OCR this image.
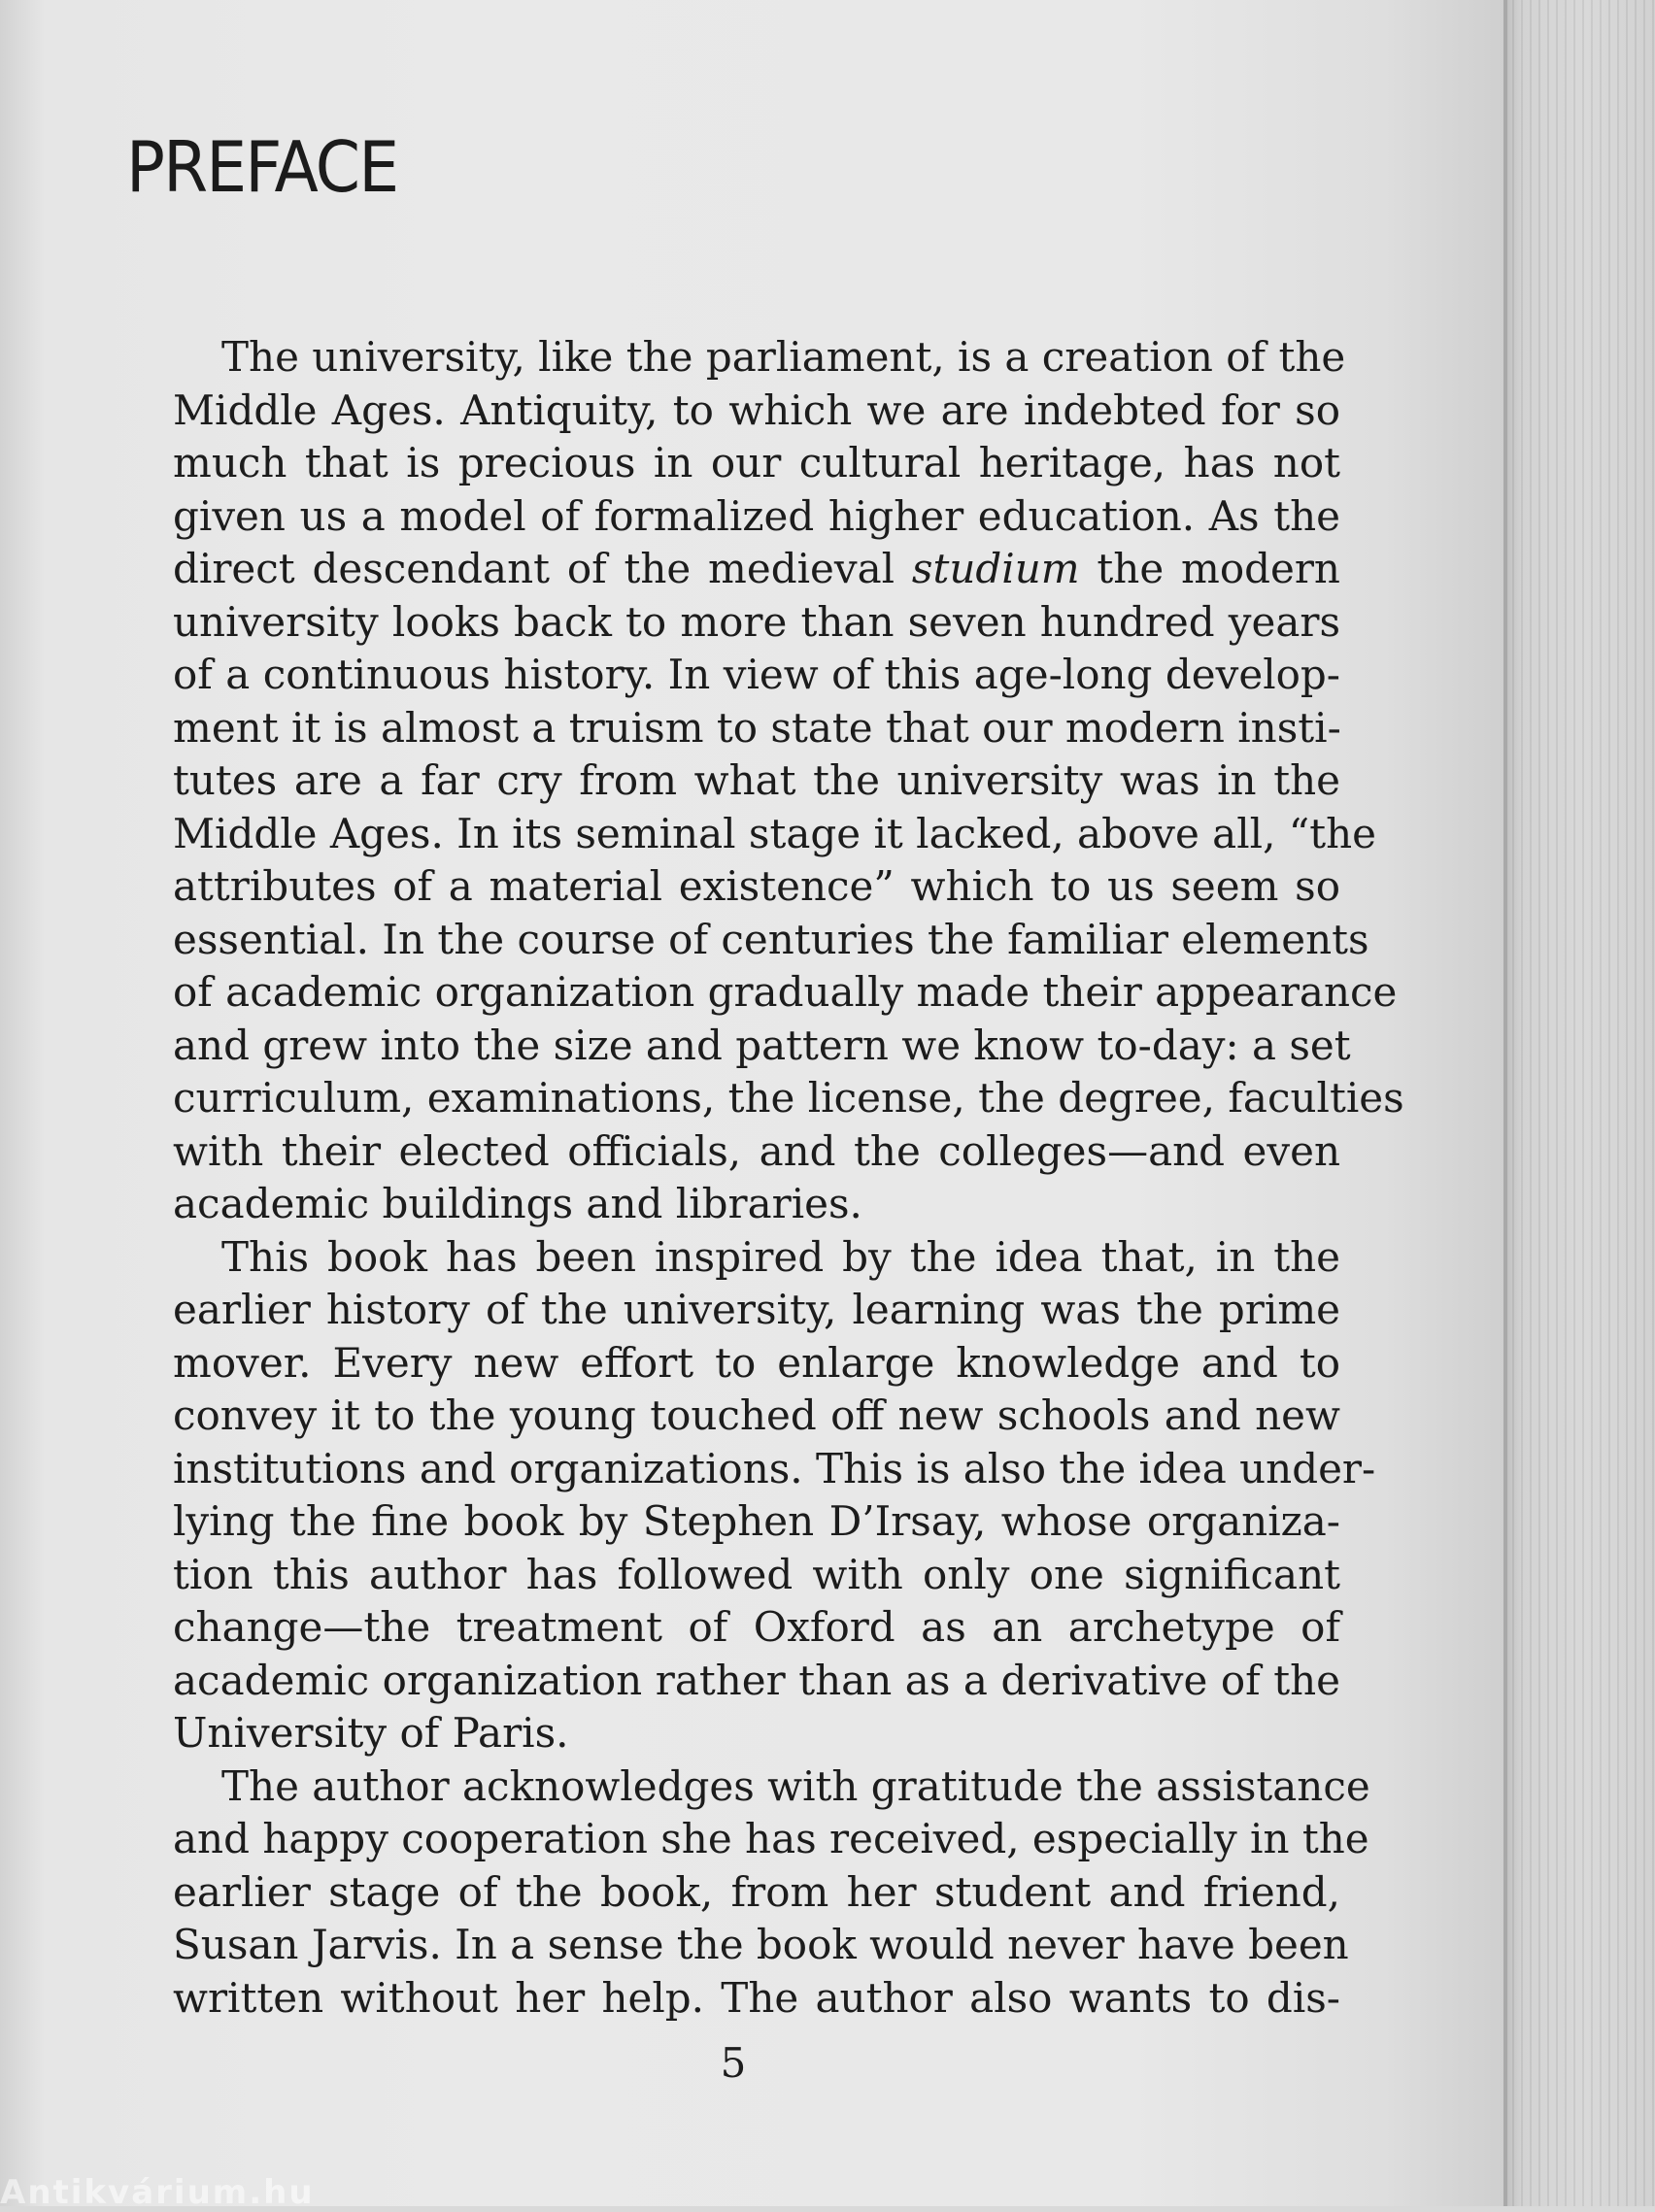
PREFACE

The university, like the parliament, is a creation of the
Middle Ages. Antiquity, to which we are indebted for so
much that is precious in our cultural heritage, has not
given us a model of formalized higher education. As the
direct descendant of the medieval studium the modern
university looks back to more than seven hundred years
of a continuous history. In view of this age-long develop-
ment it is almost a truism to state that our modern insti-
tutes are a far cry from what the university was in the
Middle Ages. In its seminal stage it lacked, above all, “the
attributes of a material existence” which to us seem so
essential. In the course of centuries the familiar elements
of academic organization gradually made their appearance
and grew into the size and pattern we know to-day: a set
curriculum, examinations, the license, the degree, faculties
with their elected officials, and the colleges—and even
academic buildings and libraries.

This book has been inspired by the idea that, in the
earlier history of the university, learning was the prime
mover. Every new effort to enlarge knowledge and to
convey it to the young touched off new schools and new
institutions and organizations. This is also the idea under-
lying the fine book by Stephen D’Irsay, whose organiza-
tion this author has followed with only one significant
change—the treatment of Oxford as an archetype of
academic organization rather than as a derivative of the
University of Paris.

The author acknowledges with gratitude the assistance
and happy cooperation she has received, especially in the
earlier stage of the book, from her student and friend,
Susan Jarvis. In a sense the book would never have been
written without her help. The author also wants to dis-

5
Antikvárium.hu
